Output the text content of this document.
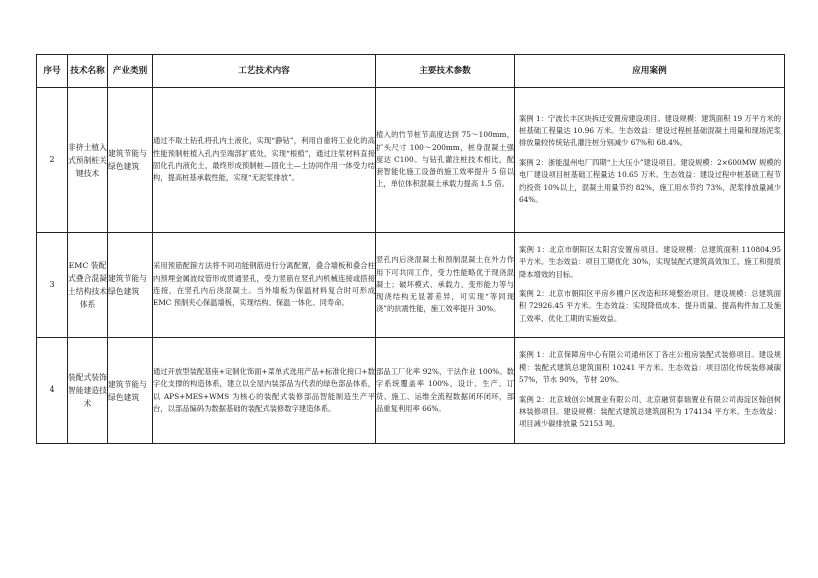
序号	技术名称	产业类别	工艺技术内容	主要技术参数	应用案例
2	非挤土植入式预制桩关键技术	建筑节能与绿色建筑	通过不取土钻孔将孔内土液化，实现“静钻”，利用自重将工业化的高性能预制桩植入孔内至端部扩底处，实现“根植”，通过注浆材料直接固化孔内液化土，最终形成预制桩—固化土—土协同作用一体受力结构，提高桩基承载性能，实现“无泥浆排放”。	植入的竹节桩节高度达到 75～100mm，扩头尺寸 100～200mm，桩身混凝土强度达 C100。与钻孔灌注桩技术相比，配套智能化施工设备的施工效率提升 5 倍以上，单位体积混凝土承载力提高 1.5 倍。	案例 1：宁波长丰区块拆迁安置房建设项目。建设规模：建筑面积 19 万平方米的桩基础工程量达 10.96 万米。生态效益：建设过程桩基础混凝土用量和现场泥浆排放量较传统钻孔灌注桩分别减少 67%和 68.4%。
案例 2：浙能温州电厂四期“上大压小”建设项目。建设规模：2×600MW 规模的电厂建设项目桩基础工程量达 10.65 万米。生态效益：建设过程中桩基础工程节约投资 10%以上，混凝土用量节约 82%，施工用水节约 73%，泥浆排放量减少 64%。

3	EMC 装配式叠合混凝土结构技术体系	建筑节能与绿色建筑	采用预筋配箍方法将不同功能钢筋进行分离配置，叠合墙板和叠合柱内预埋金属波纹管形成贯通竖孔，受力竖筋在竖孔内机械连接或搭接连接，在竖孔内后浇混凝土。当外墙板为保温材料复合时可形成 EMC 预制夹心保温墙板，实现结构、保温一体化、同寿命。	竖孔内后浇混凝土和预制混凝土在外力作用下可共同工作，受力性能略优于现浇混凝土；破坏模式、承载力、变形能力等与现浇结构无显著差异，可实现“等同现浇”的抗震性能，施工效率提升 30%。	案例 1：北京市朝阳区太阳宫安置房项目。建设规模：总建筑面积 110804.95 平方米。生态效益：项目工期优化 30%，实现装配式建筑高效加工、施工和提质降本增效的目标。
案例 2：北京市朝阳区平房乡棚户区改造和环境整治项目。建设规模：总建筑面积 72926.45 平方米。生态效益：实现降低成本、提升质量、提高构件加工及施工效率、优化工期的实施效益。

4	装配式装饰智能建造技术	建筑节能与绿色建筑	通过开放型装配基座+定制化饰面+菜单式选用产品+标准化接口+数字化支撑的构造体系，建立以全屋内装部品为代表的绿色部品体系，以 APS+MES+WMS 为核心的装配式装修部品智能制造生产平台，以部品编码为数据基础的装配式装修数字建造体系。	部品工厂化率 92%，干法作业 100%。数字系统覆盖率 100%，设计、生产、订货、施工、运维全流程数据闭环闭环，部品重复利用率 66%。	案例 1：北京保障房中心有限公司通州区丁各庄公租房装配式装修项目。建设规模：装配式建筑总建筑面积 10241 平方米。生态效益：项目固化传统装修减碳 57%，节水 90%，节材 20%。
案例 2：北京城创公域置业有限公司、北京融贸泰瑞置业有限公司海淀区翰创树林装修项目。建设规模：装配式建筑总建筑面积为 174134 平方米。生态效益：项目减少碳排放量 52153 吨。
